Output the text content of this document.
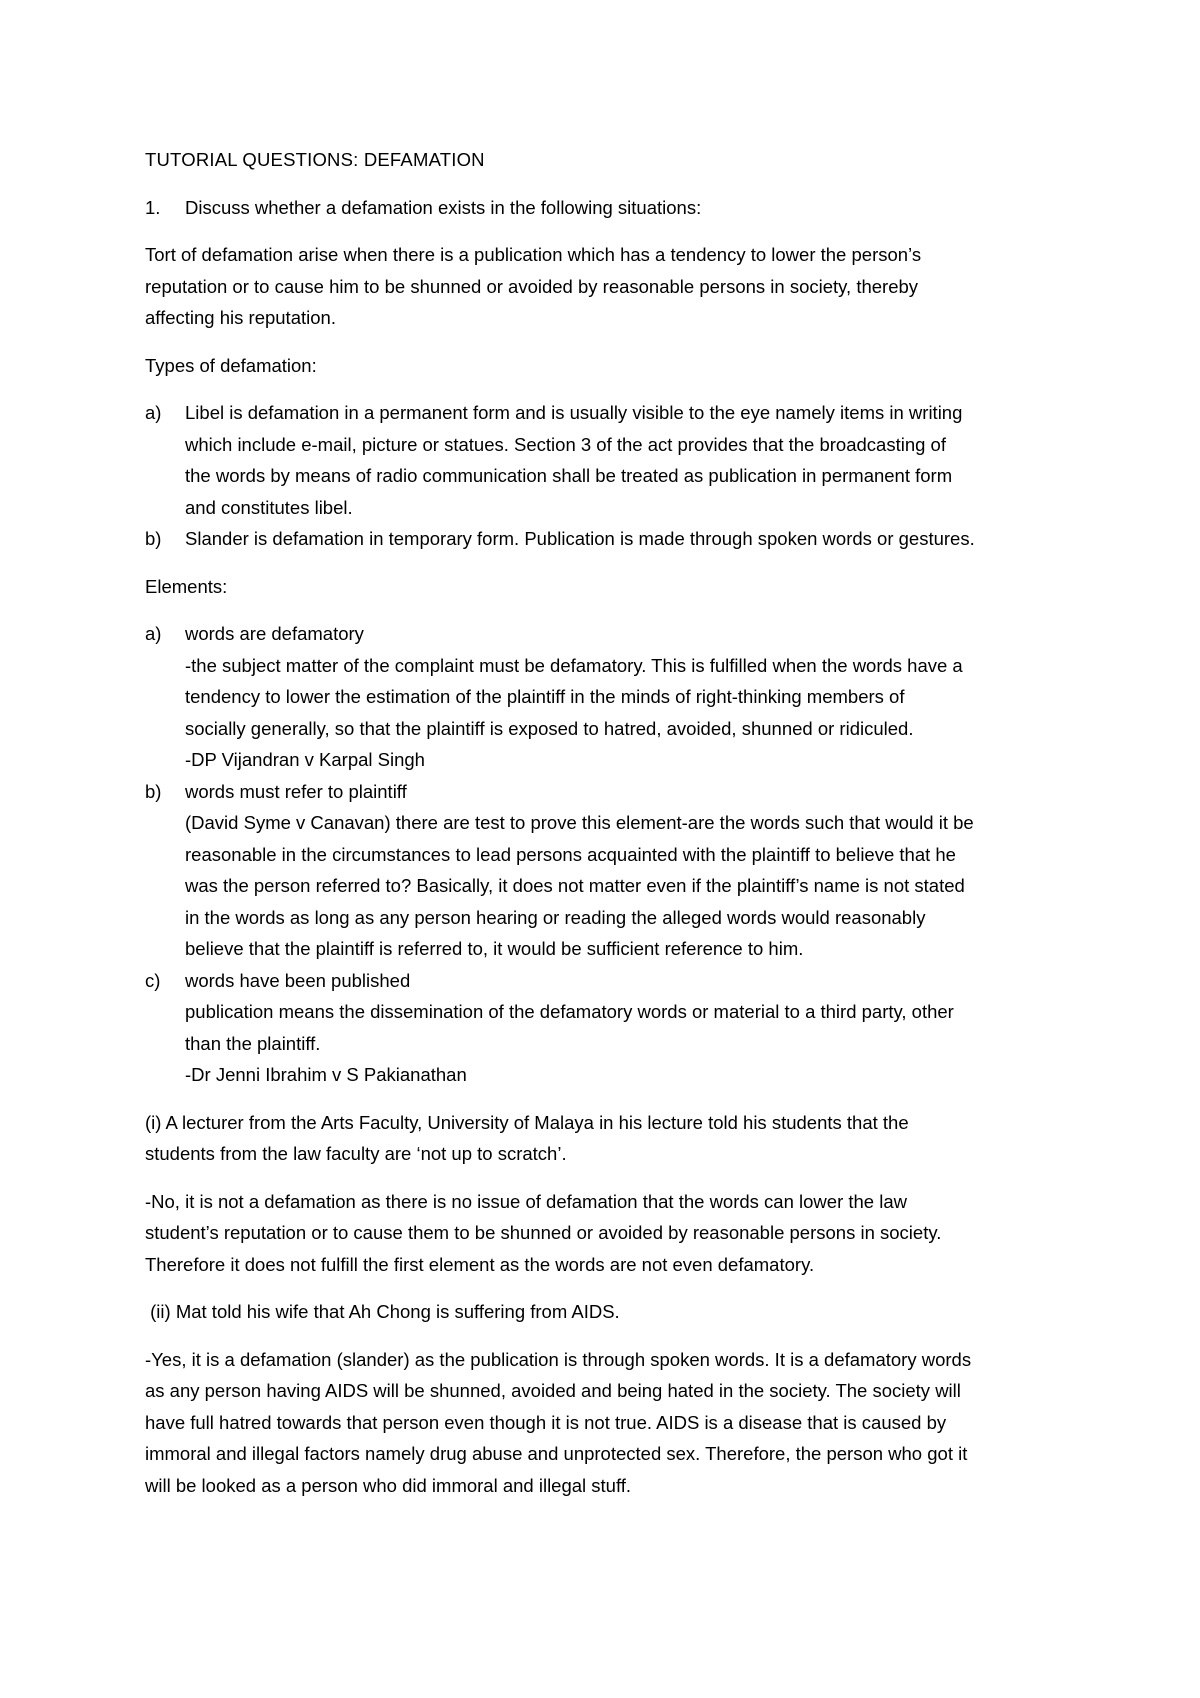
TUTORIAL QUESTIONS: DEFAMATION

1. Discuss whether a defamation exists in the following situations:

Tort of defamation arise when there is a publication which has a tendency to lower the person’s
reputation or to cause him to be shunned or avoided by reasonable persons in society, thereby
affecting his reputation.

Types of defamation:

a) Libel is defamation in a permanent form and is usually visible to the eye namely items in writing
which include e-mail, picture or statues. Section 3 of the act provides that the broadcasting of
the words by means of radio communication shall be treated as publication in permanent form
and constitutes libel.
b) Slander is defamation in temporary form. Publication is made through spoken words or gestures.

Elements:

a) words are defamatory
-the subject matter of the complaint must be defamatory. This is fulfilled when the words have a
tendency to lower the estimation of the plaintiff in the minds of right-thinking members of
socially generally, so that the plaintiff is exposed to hatred, avoided, shunned or ridiculed.
-DP Vijandran v Karpal Singh
b) words must refer to plaintiff
(David Syme v Canavan) there are test to prove this element-are the words such that would it be
reasonable in the circumstances to lead persons acquainted with the plaintiff to believe that he
was the person referred to? Basically, it does not matter even if the plaintiff’s name is not stated
in the words as long as any person hearing or reading the alleged words would reasonably
believe that the plaintiff is referred to, it would be sufficient reference to him.
c) words have been published
publication means the dissemination of the defamatory words or material to a third party, other
than the plaintiff.
-Dr Jenni Ibrahim v S Pakianathan

(i) A lecturer from the Arts Faculty, University of Malaya in his lecture told his students that the
students from the law faculty are ‘not up to scratch’.

-No, it is not a defamation as there is no issue of defamation that the words can lower the law
student’s reputation or to cause them to be shunned or avoided by reasonable persons in society.
Therefore it does not fulfill the first element as the words are not even defamatory.

(ii) Mat told his wife that Ah Chong is suffering from AIDS.

-Yes, it is a defamation (slander) as the publication is through spoken words. It is a defamatory words
as any person having AIDS will be shunned, avoided and being hated in the society. The society will
have full hatred towards that person even though it is not true. AIDS is a disease that is caused by
immoral and illegal factors namely drug abuse and unprotected sex. Therefore, the person who got it
will be looked as a person who did immoral and illegal stuff.
